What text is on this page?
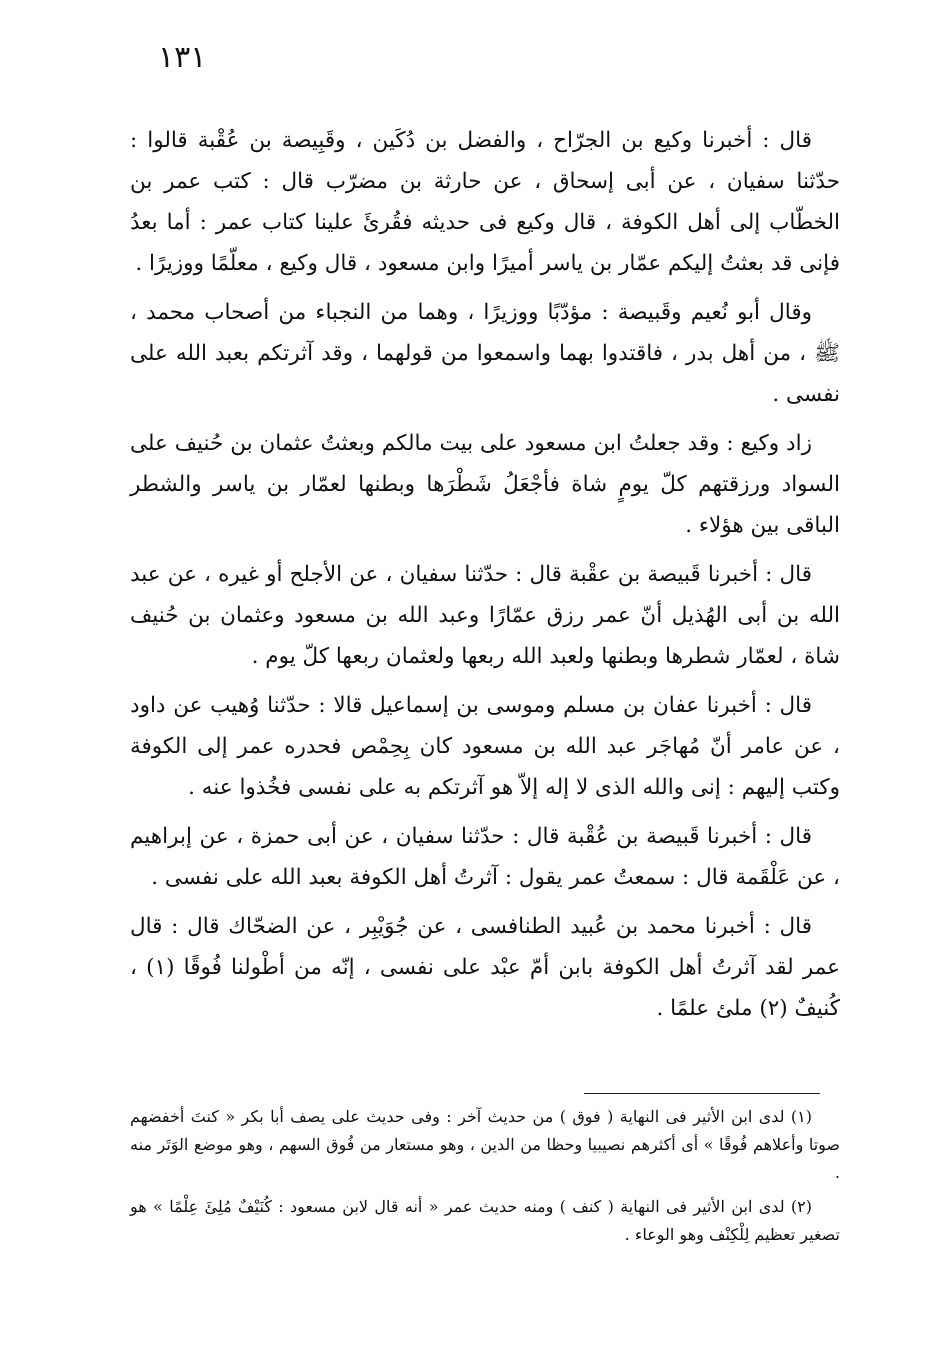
١٣١

قال : أخبرنا وكيع بن الجرّاح ، والفضل بن دُكَين ، وقَبِيصة بن عُقْبة قالوا : حدّثنا سفيان ، عن أبى إسحاق ، عن حارثة بن مضرّب قال : كتب عمر بن الخطّاب إلى أهل الكوفة ، قال وكيع فى حديثه فقُرئَ علينا كتاب عمر : أما بعدُ فإنى قد بعثتُ إليكم عمّار بن ياسر أميرًا وابن مسعود ، قال وكيع ، معلّمًا ووزيرًا .

وقال أبو نُعيم وقَبيصة : مؤدّبًا ووزيرًا ، وهما من النجباء من أصحاب محمد ، ﷺ ، من أهل بدر ، فاقتدوا بهما واسمعوا من قولهما ، وقد آثرتكم بعبد الله على نفسى .

زاد وكيع : وقد جعلتُ ابن مسعود على بيت مالكم وبعثتُ عثمان بن حُنيف على السواد ورزقتهم كلّ يومٍ شاة فأجْعَلُ شَطْرَها وبطنها لعمّار بن ياسر والشطر الباقى بين هؤلاء .

قال : أخبرنا قَبيصة بن عقْبة قال : حدّثنا سفيان ، عن الأجلح أو غيره ، عن عبد الله بن أبى الهُذيل أنّ عمر رزق عمّارًا وعبد الله بن مسعود وعثمان بن حُنيف شاة ، لعمّار شطرها وبطنها ولعبد الله ربعها ولعثمان ربعها كلّ يوم .

قال : أخبرنا عفان بن مسلم وموسى بن إسماعيل قالا : حدّثنا وُهيب عن داود ، عن عامر أنّ مُهاجَر عبد الله بن مسعود كان بِحِمْص فحدره عمر إلى الكوفة وكتب إليهم : إنى والله الذى لا إله إلاّ هو آثرتكم به على نفسى فخُذوا عنه .

قال : أخبرنا قَبيصة بن عُقْبة قال : حدّثنا سفيان ، عن أبى حمزة ، عن إبراهيم ، عن عَلْقَمة قال : سمعتُ عمر يقول : آثرتُ أهل الكوفة بعبد الله على نفسى .

قال : أخبرنا محمد بن عُبيد الطنافسى ، عن جُوَيْبِر ، عن الضحّاك قال : قال عمر لقد آثرتُ أهل الكوفة بابن أمّ عبْد على نفسى ، إنّه من أطْولنا فُوقًا (١) ، كُنيفٌ (٢) ملئ علمًا .

(١) لدى ابن الأثير فى النهاية ( فوق ) من حديث آخر : وفى حديث على يصف أبا بكر « كنتَ أخفضهم صوتا وأعلاهم فُوقًا » أى أكثرهم نصيبيا وحظا من الدين ، وهو مستعار من فُوق السهم ، وهو موضع الوَتَر منه .

(٢) لدى ابن الأثير فى النهاية ( كنف ) ومنه حديث عمر « أنه قال لابن مسعود : كُنَيْفٌ مُلِئَ عِلْمًا » هو تصغير تعظيم لِلْكِنْف وهو الوعاء .
